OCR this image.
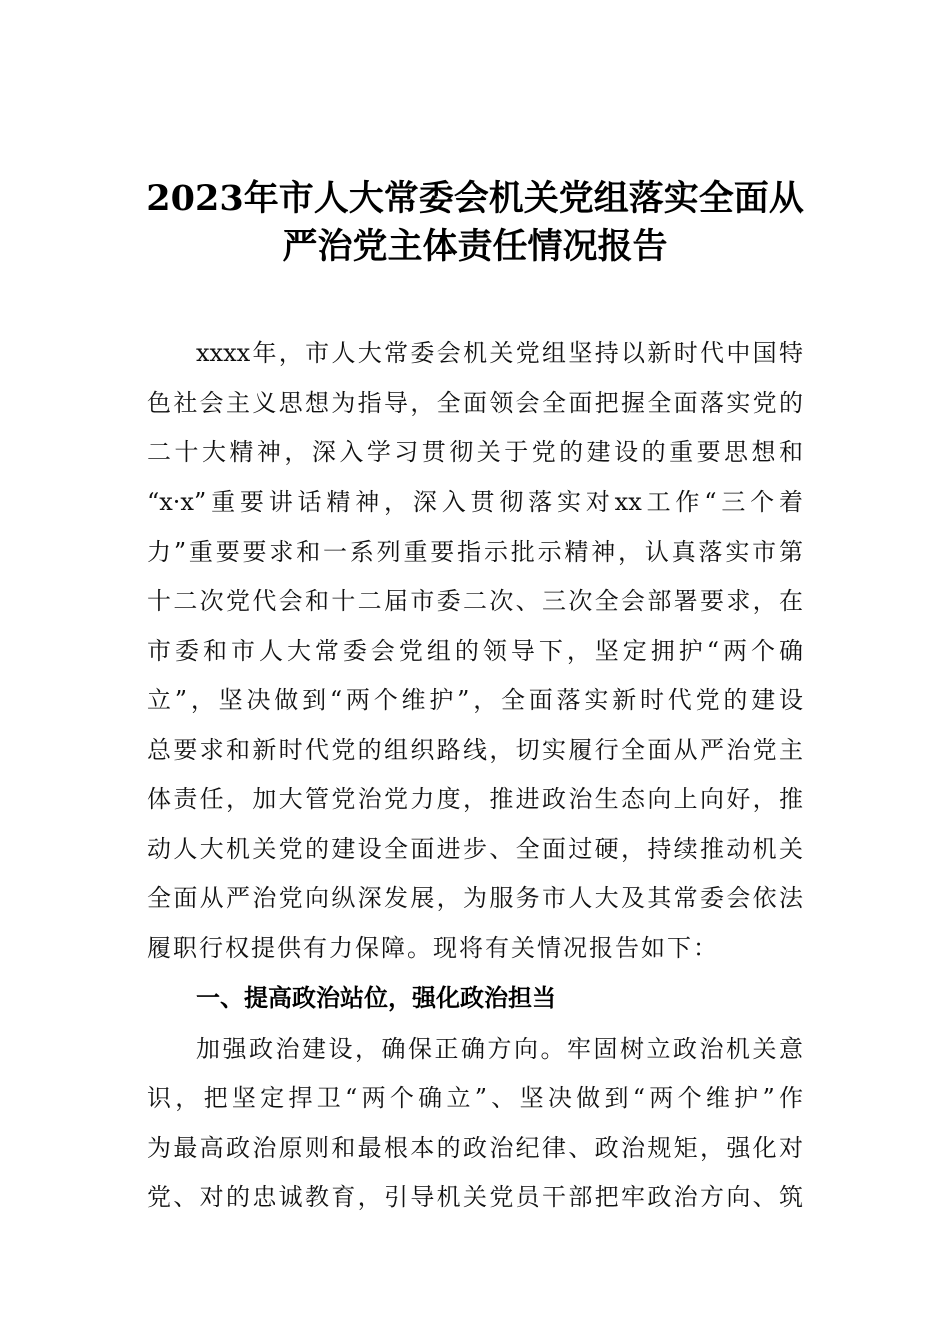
2023年市人大常委会机关党组落实全面从
严治党主体责任情况报告
xxxx年，市人大常委会机关党组坚持以新时代中国特
色社会主义思想为指导，全面领会全面把握全面落实党的
二十大精神，深入学习贯彻关于党的建设的重要思想和
“x·x”重要讲话精神，深入贯彻落实对xx工作“三个着
力”重要要求和一系列重要指示批示精神，认真落实市第
十二次党代会和十二届市委二次、三次全会部署要求，在
市委和市人大常委会党组的领导下，坚定拥护“两个确
立”，坚决做到“两个维护”，全面落实新时代党的建设
总要求和新时代党的组织路线，切实履行全面从严治党主
体责任，加大管党治党力度，推进政治生态向上向好，推
动人大机关党的建设全面进步、全面过硬，持续推动机关
全面从严治党向纵深发展，为服务市人大及其常委会依法
履职行权提供有力保障。现将有关情况报告如下：
一、提高政治站位，强化政治担当
加强政治建设，确保正确方向。牢固树立政治机关意
识，把坚定捍卫“两个确立”、坚决做到“两个维护”作
为最高政治原则和最根本的政治纪律、政治规矩，强化对
党、对的忠诚教育，引导机关党员干部把牢政治方向、筑
